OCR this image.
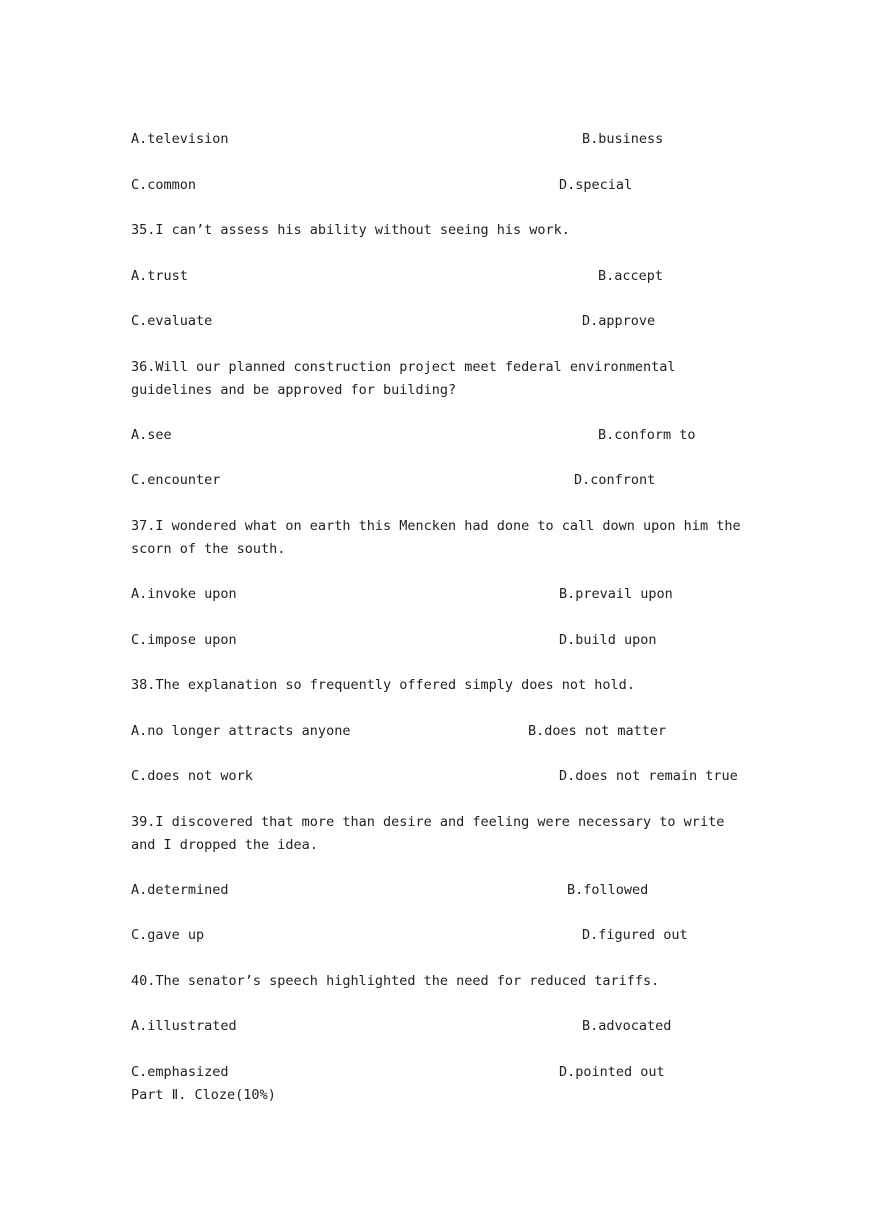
A.television	B.business
C.common	D.special
35.I can’t assess his ability without seeing his work.
A.trust	B.accept
C.evaluate	D.approve
36.Will our planned construction project meet federal environmental guidelines and be approved for building?
A.see	B.conform to
C.encounter	D.confront
37.I wondered what on earth this Mencken had done to call down upon him the scorn of the south.
A.invoke upon	B.prevail upon
C.impose upon	D.build upon
38.The explanation so frequently offered simply does not hold.
A.no longer attracts anyone	B.does not matter
C.does not work	D.does not remain true
39.I discovered that more than desire and feeling were necessary to write and I dropped the idea.
A.determined	B.followed
C.gave up	D.figured out
40.The senator’s speech highlighted the need for reduced tariffs.
A.illustrated	B.advocated
C.emphasized	D.pointed out
Part Ⅱ. Cloze(10%)
